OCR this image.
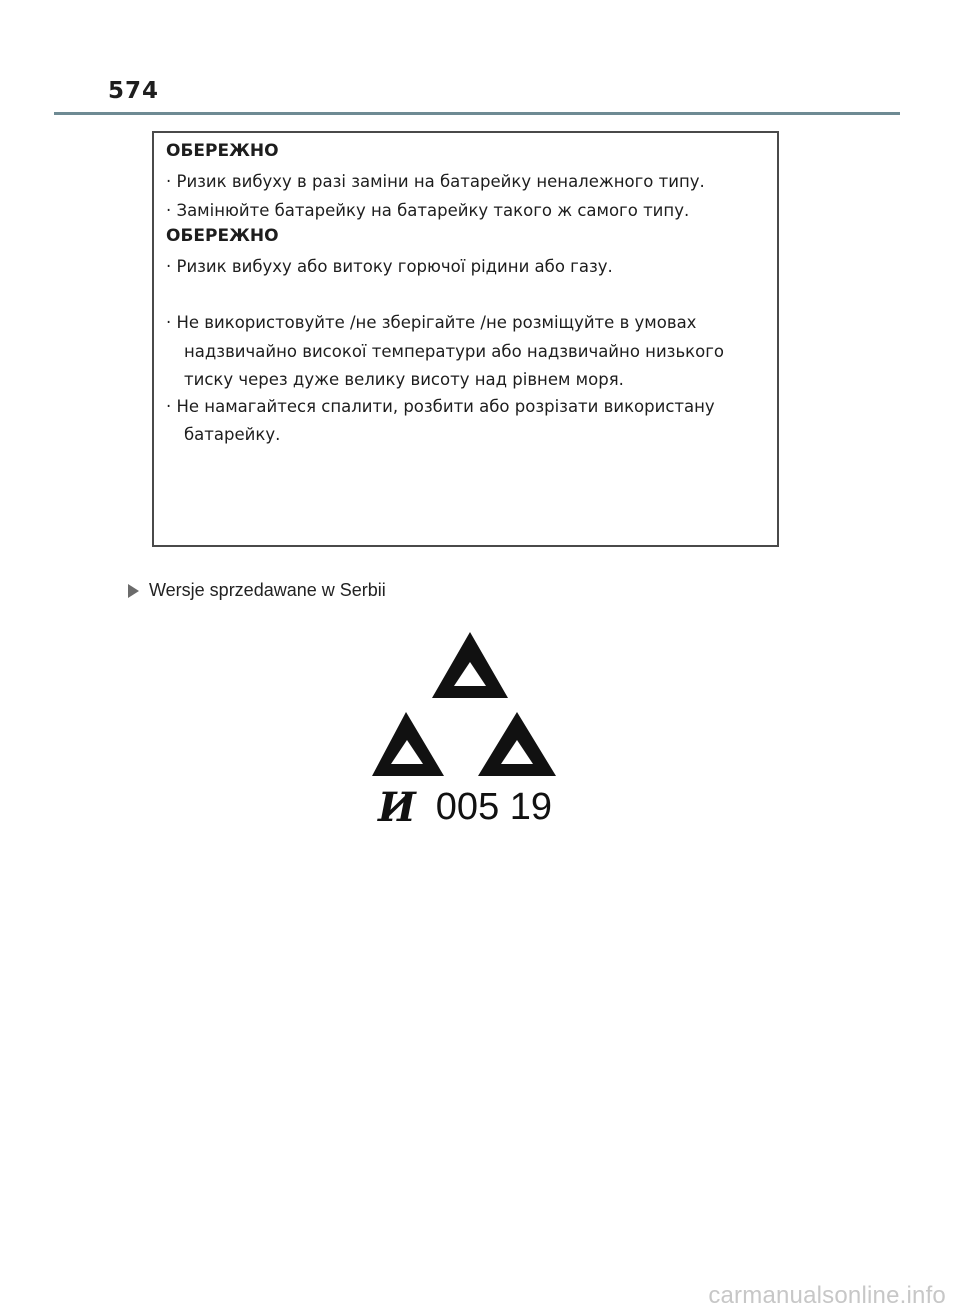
574
ОБЕРЕЖНО
· Ризик вибуху в разі заміни на батарейку неналежного типу.
· Замінюйте батарейку на батарейку такого ж самого типу.
ОБЕРЕЖНО
· Ризик вибуху або витоку горючої рідини або газу.
· Не використовуйте /не зберігайте /не розміщуйте в умовах
надзвичайно високої температури або надзвичайно низького
тиску через дуже велику висоту над рівнем моря.
· Не намагайтеся спалити, розбити або розрізати використану
батарейку.
Wersje sprzedawane w Serbii
И 005 19
carmanualsonline.info
